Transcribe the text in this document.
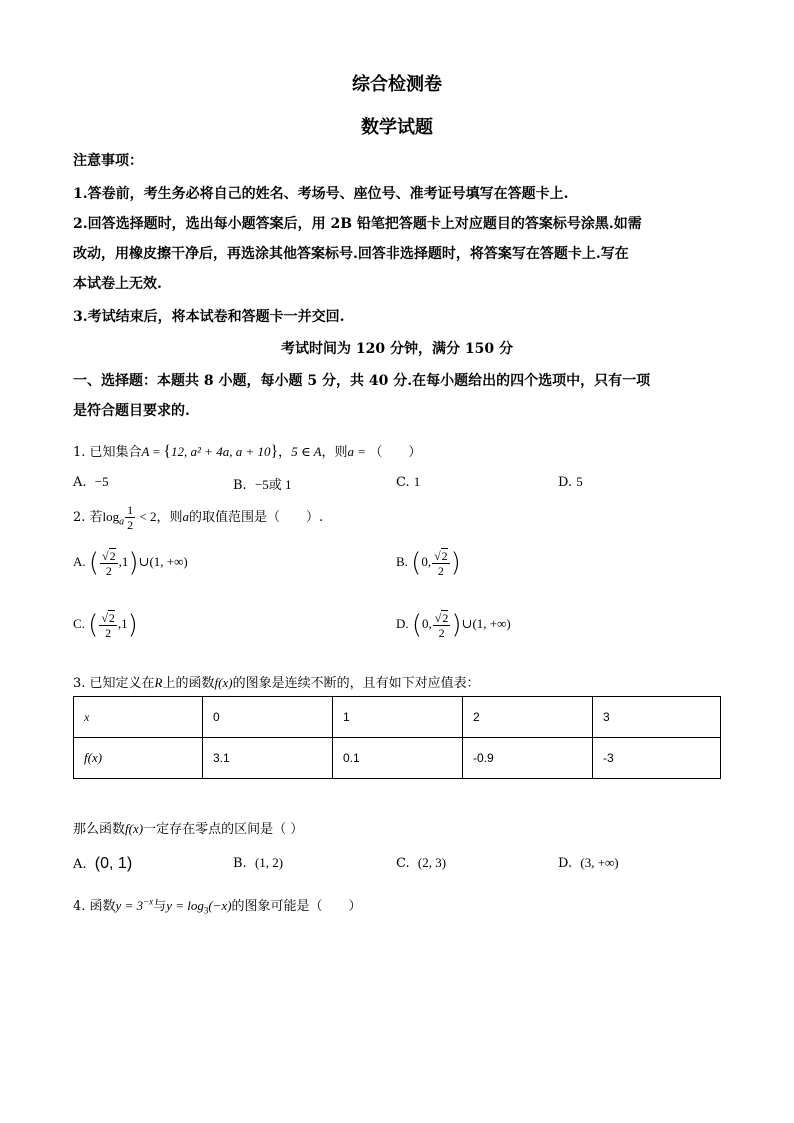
综合检测卷
数学试题
注意事项：
1.答卷前，考生务必将自己的姓名、考场号、座位号、准考证号填写在答题卡上.
2.回答选择题时，选出每小题答案后，用 2B 铅笔把答题卡上对应题目的答案标号涂黑.如需
改动，用橡皮擦干净后，再选涂其他答案标号.回答非选择题时，将答案写在答题卡上.写在
本试卷上无效.
3.考试结束后，将本试卷和答题卡一并交回.
考试时间为 120 分钟，满分 150 分
一、选择题：本题共 8 小题，每小题 5 分，共 40 分.在每小题给出的四个选项中，只有一项
是符合题目要求的.
1. 已知集合A = {12, a² + 4a, a + 10}，5 ∈ A，则a = （　　）
A. −5	B. −5或 1	C. 1	D. 5
2. 若$\log_a \frac{1}{2} < 2$，则a的取值范围是（　　）.
A. ( $\frac{√2}{2}$ ,1)∪(1, +∞)	B. (0, $\frac{√2}{2}$ )
C. ( $\frac{√2}{2} ,1$)	D. (0, $\frac{√2}{2}$ )∪(1, +∞)
3. 已知定义在R上的函数f(x)的图象是连续不断的，且有如下对应值表：
x	0	1	2	3
f(x)	3.1	0.1	-0.9	-3
那么函数f(x)一定存在零点的区间是（ ）
A. (0, 1)	B. (1, 2)	C. (2, 3)	D. (3, +∞)
4. 函数$y = 3^{-x}$与$y = \log_3(-x)$的图象可能是（　　）
